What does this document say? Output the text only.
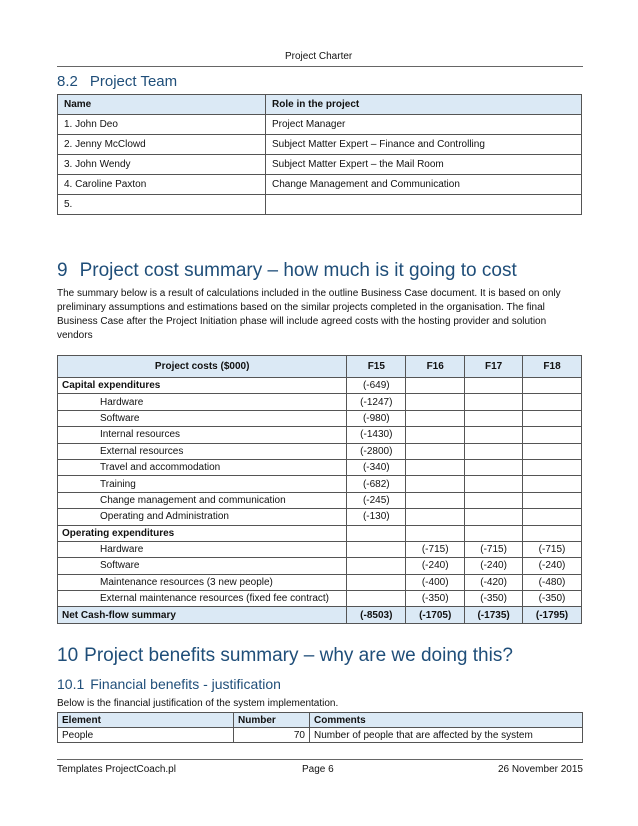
Project Charter
8.2 Project Team
Name	Role in the project
1. John Deo	Project Manager
2. Jenny McClowd	Subject Matter Expert – Finance and Controlling
3. John Wendy	Subject Matter Expert – the Mail Room
4. Caroline Paxton	Change Management and Communication
5.	
9 Project cost summary – how much is it going to cost
The summary below is a result of calculations included in the outline Business Case document. It is based on only preliminary assumptions and estimations based on the similar projects completed in the organisation. The final Business Case after the Project Initiation phase will include agreed costs with the hosting provider and solution vendors
Project costs ($000)	F15	F16	F17	F18
Capital expenditures	(-649)			
Hardware	(-1247)			
Software	(-980)			
Internal resources	(-1430)			
External resources	(-2800)			
Travel and accommodation	(-340)			
Training	(-682)			
Change management and communication	(-245)			
Operating and Administration	(-130)			
Operating expenditures				
Hardware		(-715)	(-715)	(-715)
Software		(-240)	(-240)	(-240)
Maintenance resources (3 new people)		(-400)	(-420)	(-480)
External maintenance resources (fixed fee contract)		(-350)	(-350)	(-350)
Net Cash-flow summary	(-8503)	(-1705)	(-1735)	(-1795)
10 Project benefits summary – why are we doing this?
10.1 Financial benefits - justification
Below is the financial justification of the system implementation.
Element	Number	Comments
People	70	Number of people that are affected by the system
Templates ProjectCoach.pl	Page 6	26 November 2015
